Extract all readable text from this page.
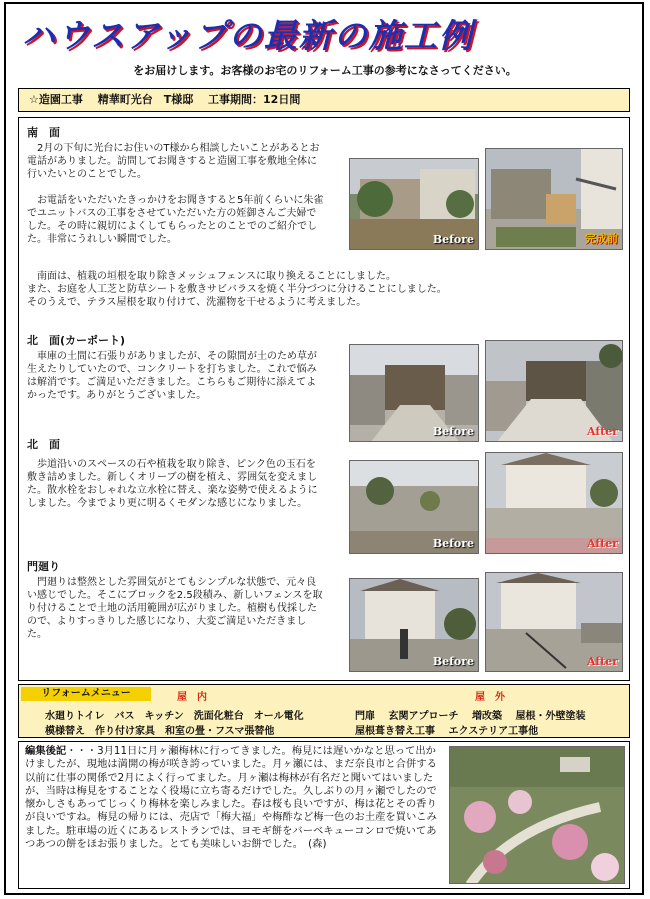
ハウスアップの最新の施工例
をお届けします。お客様のお宅のリフォーム工事の参考になさってください。
☆造園工事　 精華町光台　T様邸　 工事期間：12日間
南　面

　2月の下旬に光台にお住いのT様から相談したいことがあるとお電話がありました。訪問してお聞きすると造園工事を敷地全体に行いたいとのことでした。

　お電話をいただいたきっかけをお聞きすると5年前くらいに朱雀でユニットバスの工事をさせていただいた方の姪御さんご夫婦でした。その時に親切によくしてもらったとのことでのご紹介でした。非常にうれしい瞬間でした。

　南面は、植栽の垣根を取り除きメッシュフェンスに取り換えることにしました。
また、お庭を人工芝と防草シートを敷きサビバラスを焼く半分づつに分けることにしました。
そのうえで、テラス屋根を取り付けて、洗濯物を干せるように考えました。

Before	完成前
北　面(カーポート)

　車庫の土間に石張りがありましたが、その隙間が土のため草が生えたりしていたので、コンクリートを打ちました。これで悩みは解消です。ご満足いただきました。こちらもご期待に添えてよかったです。ありがとうございました。

Before	After
北　面

　歩道沿いのスペースの石や植栽を取り除き、ピンク色の玉石を敷き詰めました。新しくオリーブの樹を植え、雰囲気を変えました。散水栓をおしゃれな立水栓に替え、楽な姿勢で使えるようにしました。今までより更に明るくモダンな感じになりました。

Before	After
門廻り

　門廻りは整然とした雰囲気がとてもシンプルな状態で、元々良い感じでした。そこにブロックを2.5段積み、新しいフェンスを取り付けることで土地の活用範囲が広がりました。植樹も伐採したので、よりすっきりした感じになり、大変ご満足いただきました。

Before	After
リフォームメニュー	屋　内	屋　外
水廻りトイレ　バス　キッチン　洗面化粧台　オール電化
模様替え　作り付け家具　和室の畳・フスマ張替他
門扉　 玄関アプローチ　 増改築　 屋根・外壁塗装
屋根葺き替え工事　 エクステリア工事他

編集後記・・・3月11日に月ヶ瀬梅林に行ってきました。梅見には遅いかなと思って出かけましたが、現地は満開の梅が咲き誇っていました。月ヶ瀬には、まだ奈良市と合併する以前に仕事の関係で2月によく行ってました。月ヶ瀬は梅林が有名だと聞いてはいましたが、当時は梅見をすることなく役場に立ち寄るだけでした。久しぶりの月ヶ瀬でしたので懐かしさもあってじっくり梅林を楽しみました。春は桜も良いですが、梅は花とその香りが良いですね。梅見の帰りには、売店で「梅大福」や梅酢など梅一色のお土産を買いこみました。駐車場の近くにあるレストランでは、ヨモギ餅をバーベキューコンロで焼いてあつあつの餅をほお張りました。とても美味しいお餅でした。　(森)
